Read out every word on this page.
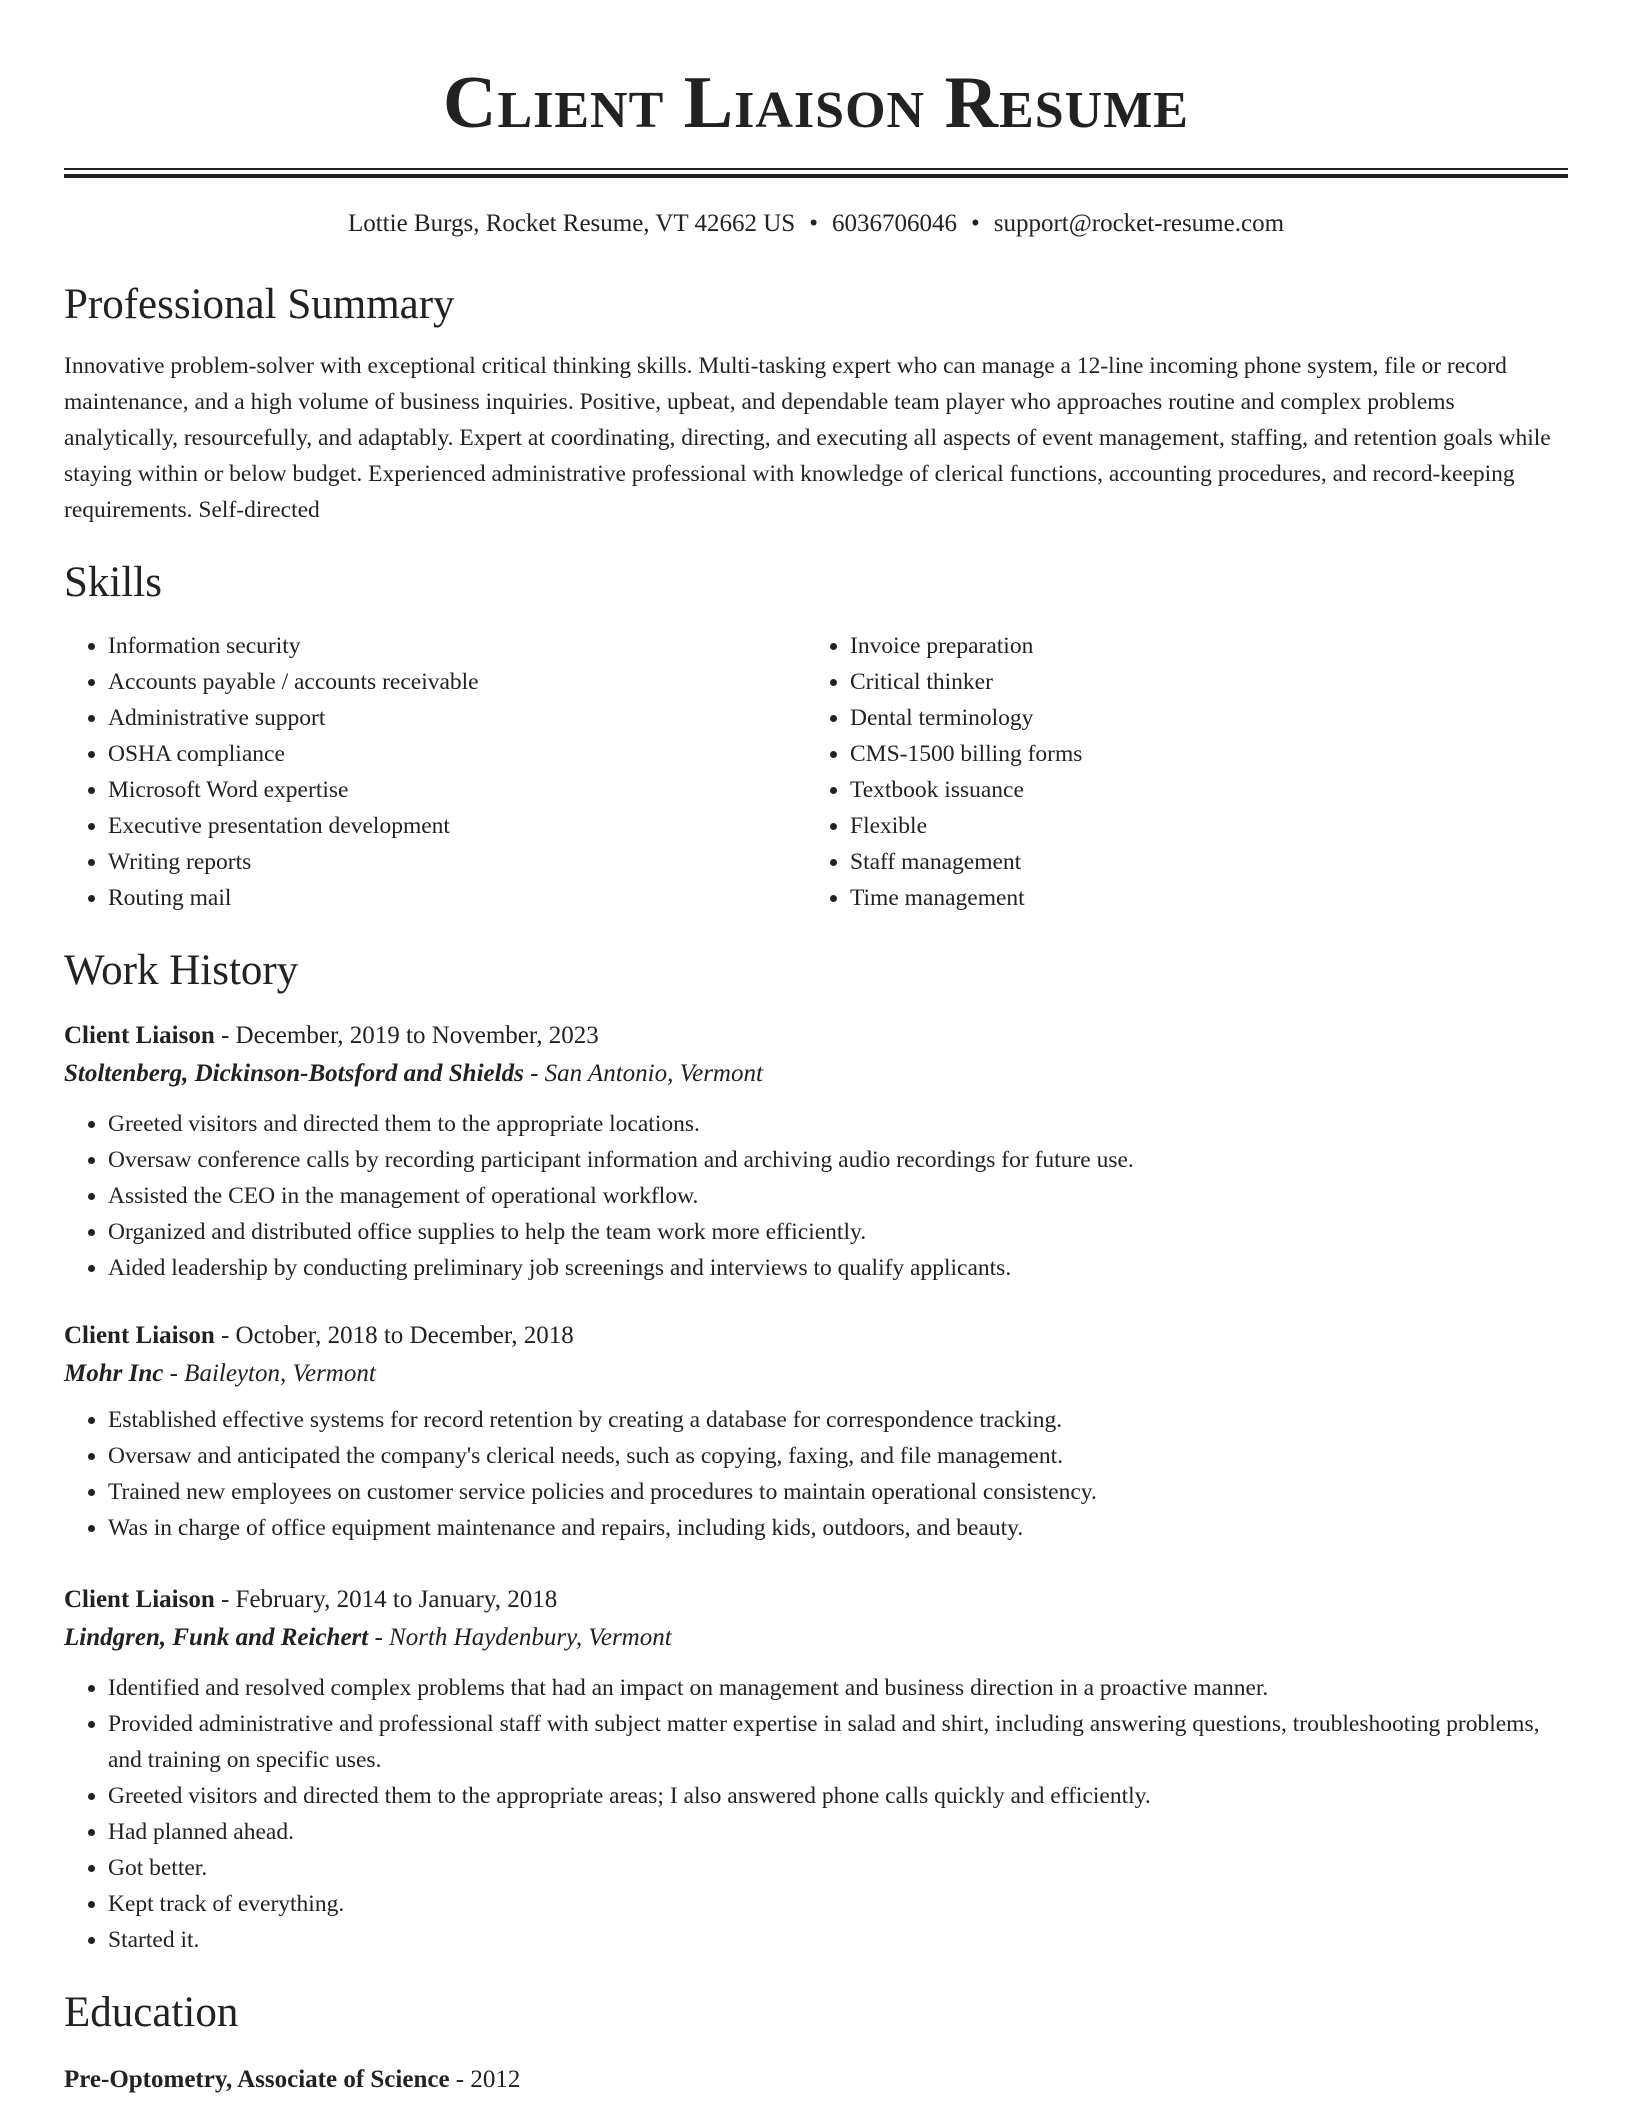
Client Liaison Resume
Lottie Burgs, Rocket Resume, VT 42662 US • 6036706046 • support@rocket-resume.com
Professional Summary
Innovative problem-solver with exceptional critical thinking skills. Multi-tasking expert who can manage a 12-line incoming phone system, file or record maintenance, and a high volume of business inquiries. Positive, upbeat, and dependable team player who approaches routine and complex problems analytically, resourcefully, and adaptably. Expert at coordinating, directing, and executing all aspects of event management, staffing, and retention goals while staying within or below budget. Experienced administrative professional with knowledge of clerical functions, accounting procedures, and record-keeping requirements. Self-directed
Skills
• Information security
• Accounts payable / accounts receivable
• Administrative support
• OSHA compliance
• Microsoft Word expertise
• Executive presentation development
• Writing reports
• Routing mail
• Invoice preparation
• Critical thinker
• Dental terminology
• CMS-1500 billing forms
• Textbook issuance
• Flexible
• Staff management
• Time management
Work History
Client Liaison - December, 2019 to November, 2023
Stoltenberg, Dickinson-Botsford and Shields - San Antonio, Vermont
• Greeted visitors and directed them to the appropriate locations.
• Oversaw conference calls by recording participant information and archiving audio recordings for future use.
• Assisted the CEO in the management of operational workflow.
• Organized and distributed office supplies to help the team work more efficiently.
• Aided leadership by conducting preliminary job screenings and interviews to qualify applicants.
Client Liaison - October, 2018 to December, 2018
Mohr Inc - Baileyton, Vermont
• Established effective systems for record retention by creating a database for correspondence tracking.
• Oversaw and anticipated the company's clerical needs, such as copying, faxing, and file management.
• Trained new employees on customer service policies and procedures to maintain operational consistency.
• Was in charge of office equipment maintenance and repairs, including kids, outdoors, and beauty.
Client Liaison - February, 2014 to January, 2018
Lindgren, Funk and Reichert - North Haydenbury, Vermont
• Identified and resolved complex problems that had an impact on management and business direction in a proactive manner.
• Provided administrative and professional staff with subject matter expertise in salad and shirt, including answering questions, troubleshooting problems, and training on specific uses.
• Greeted visitors and directed them to the appropriate areas; I also answered phone calls quickly and efficiently.
• Had planned ahead.
• Got better.
• Kept track of everything.
• Started it.
Education
Pre-Optometry, Associate of Science - 2012
